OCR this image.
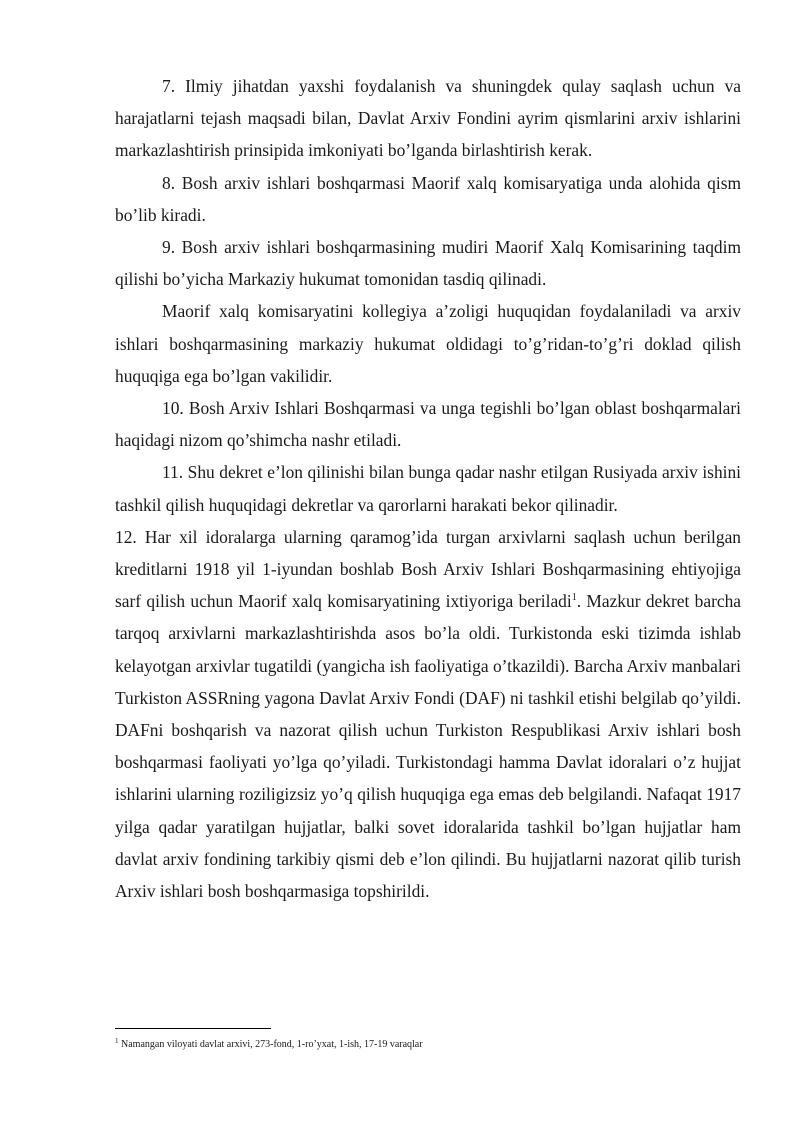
7. Ilmiy jihatdan yaxshi foydalanish va shuningdek qulay saqlash uchun va harajatlarni tejash maqsadi bilan, Davlat Arxiv Fondini ayrim qismlarini arxiv ishlarini markazlashtirish prinsipida imkoniyati bo’lganda birlashtirish kerak.

8. Bosh arxiv ishlari boshqarmasi Maorif xalq komisaryatiga unda alohida qism bo’lib kiradi.

9. Bosh arxiv ishlari boshqarmasining mudiri Maorif Xalq Komisarining taqdim qilishi bo’yicha Markaziy hukumat tomonidan tasdiq qilinadi.

Maorif xalq komisaryatini kollegiya a’zoligi huquqidan foydalaniladi va arxiv ishlari boshqarmasining markaziy hukumat oldidagi to’g’ridan-to’g’ri doklad qilish huquqiga ega bo’lgan vakilidir.

10. Bosh Arxiv Ishlari Boshqarmasi va unga tegishli bo’lgan oblast boshqarmalari haqidagi nizom qo’shimcha nashr etiladi.

11. Shu dekret e’lon qilinishi bilan bunga qadar nashr etilgan Rusiyada arxiv ishini tashkil qilish huquqidagi dekretlar va qarorlarni harakati bekor qilinadir.

12. Har xil idoralarga ularning qaramog’ida turgan arxivlarni saqlash uchun berilgan kreditlarni 1918 yil 1-iyundan boshlab Bosh Arxiv Ishlari Boshqarmasining ehtiyojiga sarf qilish uchun Maorif xalq komisaryatining ixtiyoriga beriladi$^1$. Mazkur dekret barcha tarqoq arxivlarni markazlashtirishda asos bo’la oldi. Turkistonda eski tizimda ishlab kelayotgan arxivlar tugatildi (yangicha ish faoliyatiga o’tkazildi). Barcha Arxiv manbalari Turkiston ASSRning yagona Davlat Arxiv Fondi (DAF) ni tashkil etishi belgilab qo’yildi. DAFni boshqarish va nazorat qilish uchun Turkiston Respublikasi Arxiv ishlari bosh boshqarmasi faoliyati yo’lga qo’yiladi. Turkistondagi hamma Davlat idoralari o’z hujjat ishlarini ularning roziligizsiz yo’q qilish huquqiga ega emas deb belgilandi. Nafaqat 1917 yilga qadar yaratilgan hujjatlar, balki sovet idoralarida tashkil bo’lgan hujjatlar ham davlat arxiv fondining tarkibiy qismi deb e’lon qilindi. Bu hujjatlarni nazorat qilib turish Arxiv ishlari bosh boshqarmasiga topshirildi.

$^1$ Namangan viloyati davlat arxivi, 273-fond, 1-ro’yxat, 1-ish, 17-19 varaqlar
